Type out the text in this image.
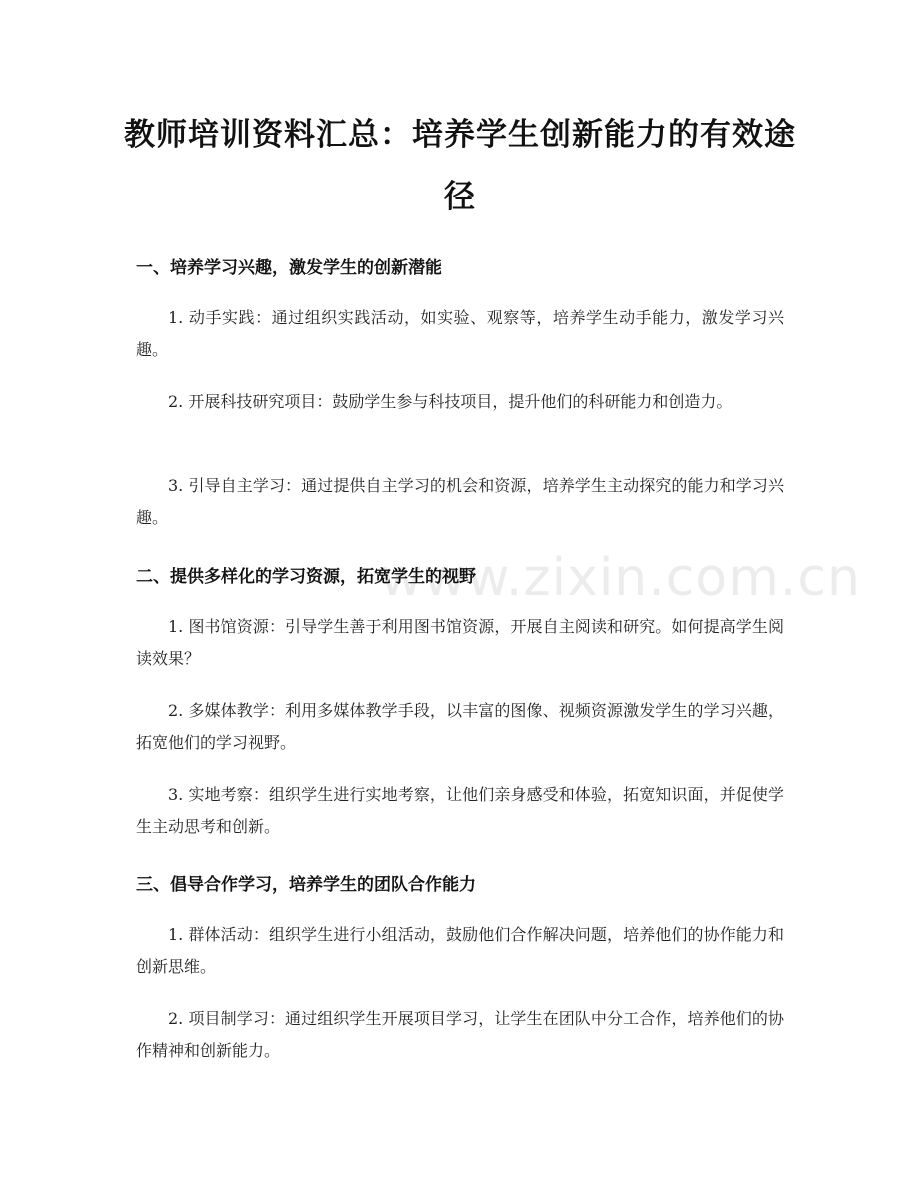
教师培训资料汇总：培养学生创新能力的有效途径
www.zixin.com.cn
一、培养学习兴趣，激发学生的创新潜能
1. 动手实践：通过组织实践活动，如实验、观察等，培养学生动手能力，激发学习兴趣。
2. 开展科技研究项目：鼓励学生参与科技项目，提升他们的科研能力和创造力。
3. 引导自主学习：通过提供自主学习的机会和资源，培养学生主动探究的能力和学习兴趣。
二、提供多样化的学习资源，拓宽学生的视野
1. 图书馆资源：引导学生善于利用图书馆资源，开展自主阅读和研究。如何提高学生阅读效果？
2. 多媒体教学：利用多媒体教学手段，以丰富的图像、视频资源激发学生的学习兴趣，拓宽他们的学习视野。
3. 实地考察：组织学生进行实地考察，让他们亲身感受和体验，拓宽知识面，并促使学生主动思考和创新。
三、倡导合作学习，培养学生的团队合作能力
1. 群体活动：组织学生进行小组活动，鼓励他们合作解决问题，培养他们的协作能力和创新思维。
2. 项目制学习：通过组织学生开展项目学习，让学生在团队中分工合作，培养他们的协作精神和创新能力。
